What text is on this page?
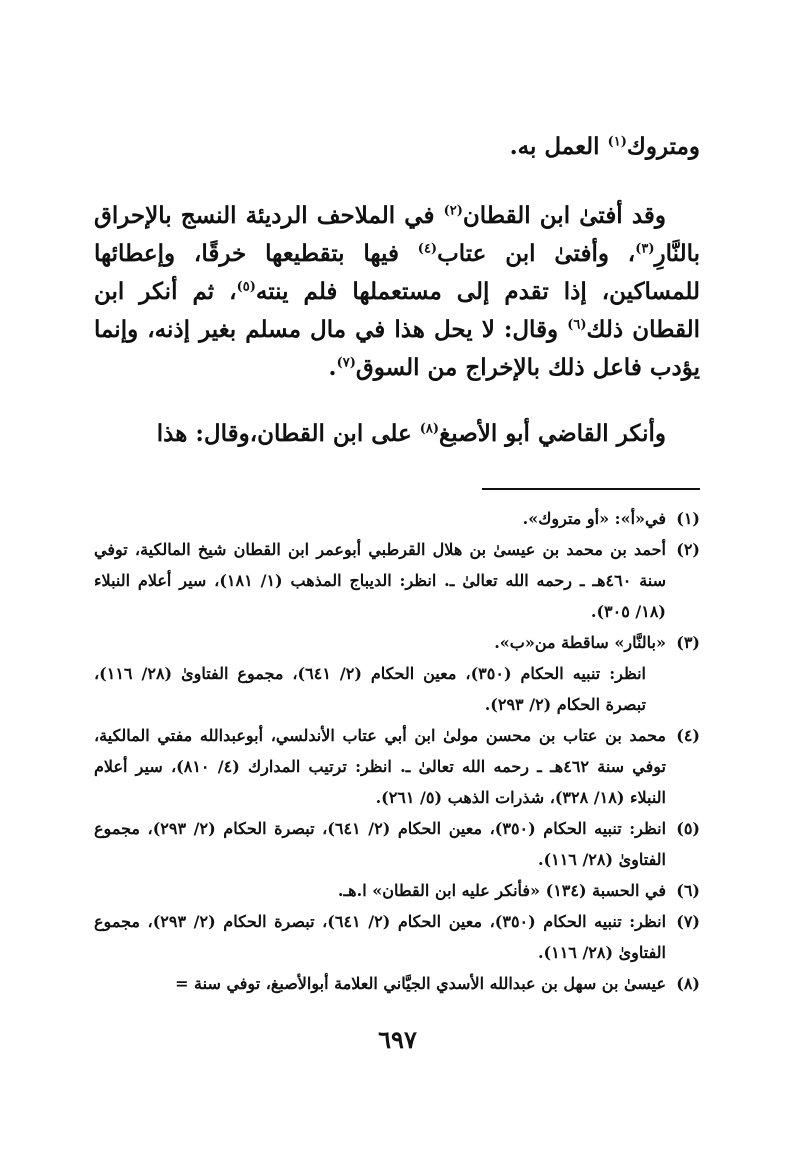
ومتروك$^{(١)}$ العمل به.
وقد أفتىٰ ابن القطان$^{(٢)}$ في الملاحف الرديئة النسج بالإحراق بالنَّارِ$^{(٣)}$، وأفتىٰ ابن عتاب$^{(٤)}$ فيها بتقطيعها خرقًا، وإعطائها للمساكين، إذا تقدم إلى مستعملها فلم ينته$^{(٥)}$، ثم أنكر ابن القطان ذلك$^{(٦)}$ وقال: لا يحل هذا في مال مسلم بغير إذنه، وإنما يؤدب فاعل ذلك بالإخراج من السوق$^{(٧)}$.
وأنكر القاضي أبو الأصبغ$^{(٨)}$ على ابن القطان،وقال: هذا
(١)
في«أ»: «أو متروك».
(٢)
أحمد بن محمد بن عيسىٰ بن هلال القرطبي أبوعمر ابن القطان شيخ المالكية، توفي سنة ٤٦٠هـ ـ رحمه الله تعالىٰ ـ. انظر: الديباج المذهب (١/ ١٨١)، سير أعلام النبلاء (١٨/ ٣٠٥).
(٣)
«بالنَّار» ساقطة من«ب».
انظر: تنبيه الحكام (٣٥٠)، معين الحكام (٢/ ٦٤١)، مجموع الفتاوىٰ (٢٨/ ١١٦)، تبصرة الحكام (٢/ ٢٩٣).
(٤)
محمد بن عتاب بن محسن مولىٰ ابن أبي عتاب الأندلسي، أبوعبدالله مفتي المالكية، توفي سنة ٤٦٢هـ ـ رحمه الله تعالىٰ ـ. انظر: ترتيب المدارك (٤/ ٨١٠)، سير أعلام النبلاء (١٨/ ٣٢٨)، شذرات الذهب (٥/ ٢٦١).
(٥)
انظر: تنبيه الحكام (٣٥٠)، معين الحكام (٢/ ٦٤١)، تبصرة الحكام (٢/ ٢٩٣)، مجموع الفتاوىٰ (٢٨/ ١١٦).
(٦)
في الحسبة (١٣٤) «فأنكر عليه ابن القطان» ا.هـ.
(٧)
انظر: تنبيه الحكام (٣٥٠)، معين الحكام (٢/ ٦٤١)، تبصرة الحكام (٢/ ٢٩٣)، مجموع الفتاوىٰ (٢٨/ ١١٦).
(٨)
عيسىٰ بن سهل بن عبدالله الأسدي الجيَّاني العلامة أبوالأصبغ، توفي سنة =
٦٩٧
